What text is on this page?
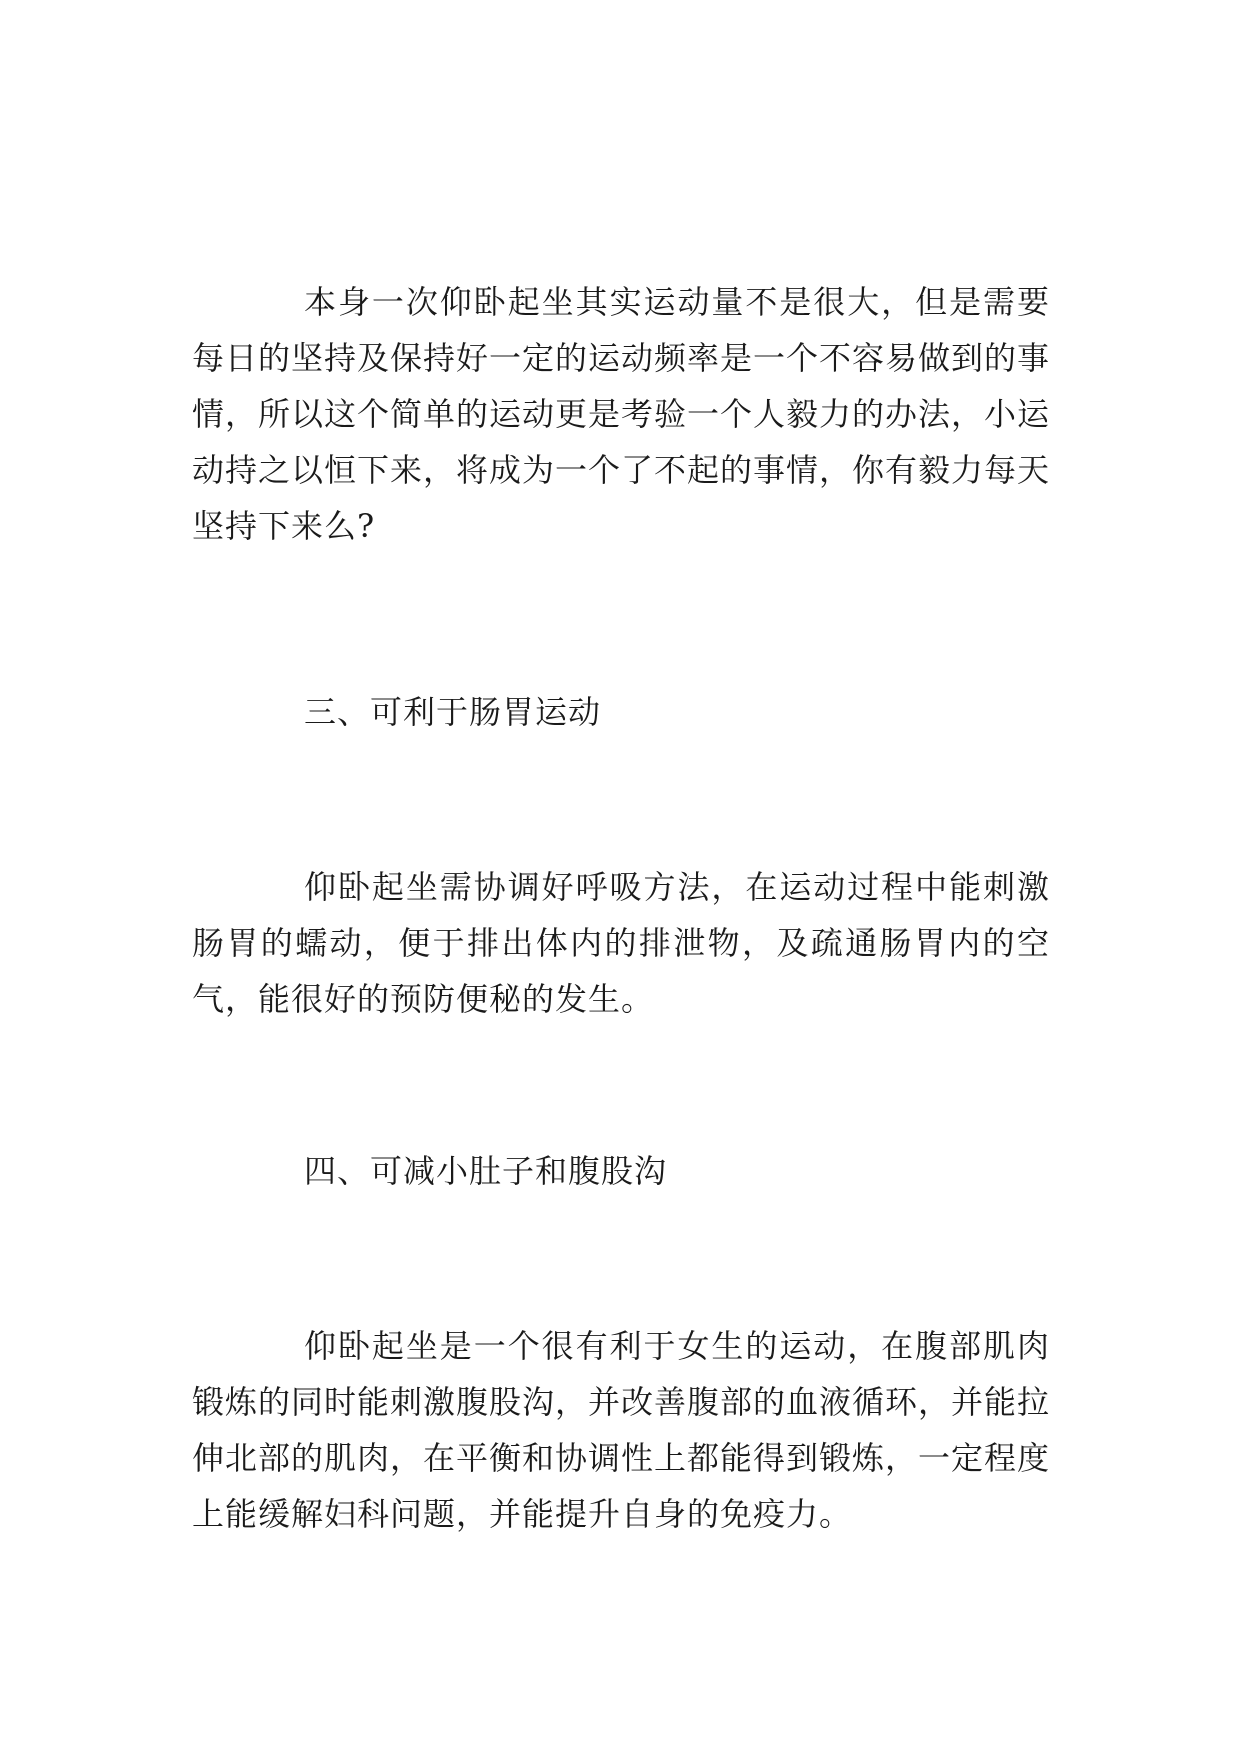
本身一次仰卧起坐其实运动量不是很大，但是需要每日的坚持及保持好一定的运动频率是一个不容易做到的事情，所以这个简单的运动更是考验一个人毅力的办法，小运动持之以恒下来，将成为一个了不起的事情，你有毅力每天坚持下来么?

三、可利于肠胃运动

仰卧起坐需协调好呼吸方法，在运动过程中能刺激肠胃的蠕动，便于排出体内的排泄物，及疏通肠胃内的空气，能很好的预防便秘的发生。

四、可减小肚子和腹股沟

仰卧起坐是一个很有利于女生的运动，在腹部肌肉锻炼的同时能刺激腹股沟，并改善腹部的血液循环，并能拉伸北部的肌肉，在平衡和协调性上都能得到锻炼，一定程度上能缓解妇科问题，并能提升自身的免疫力。
